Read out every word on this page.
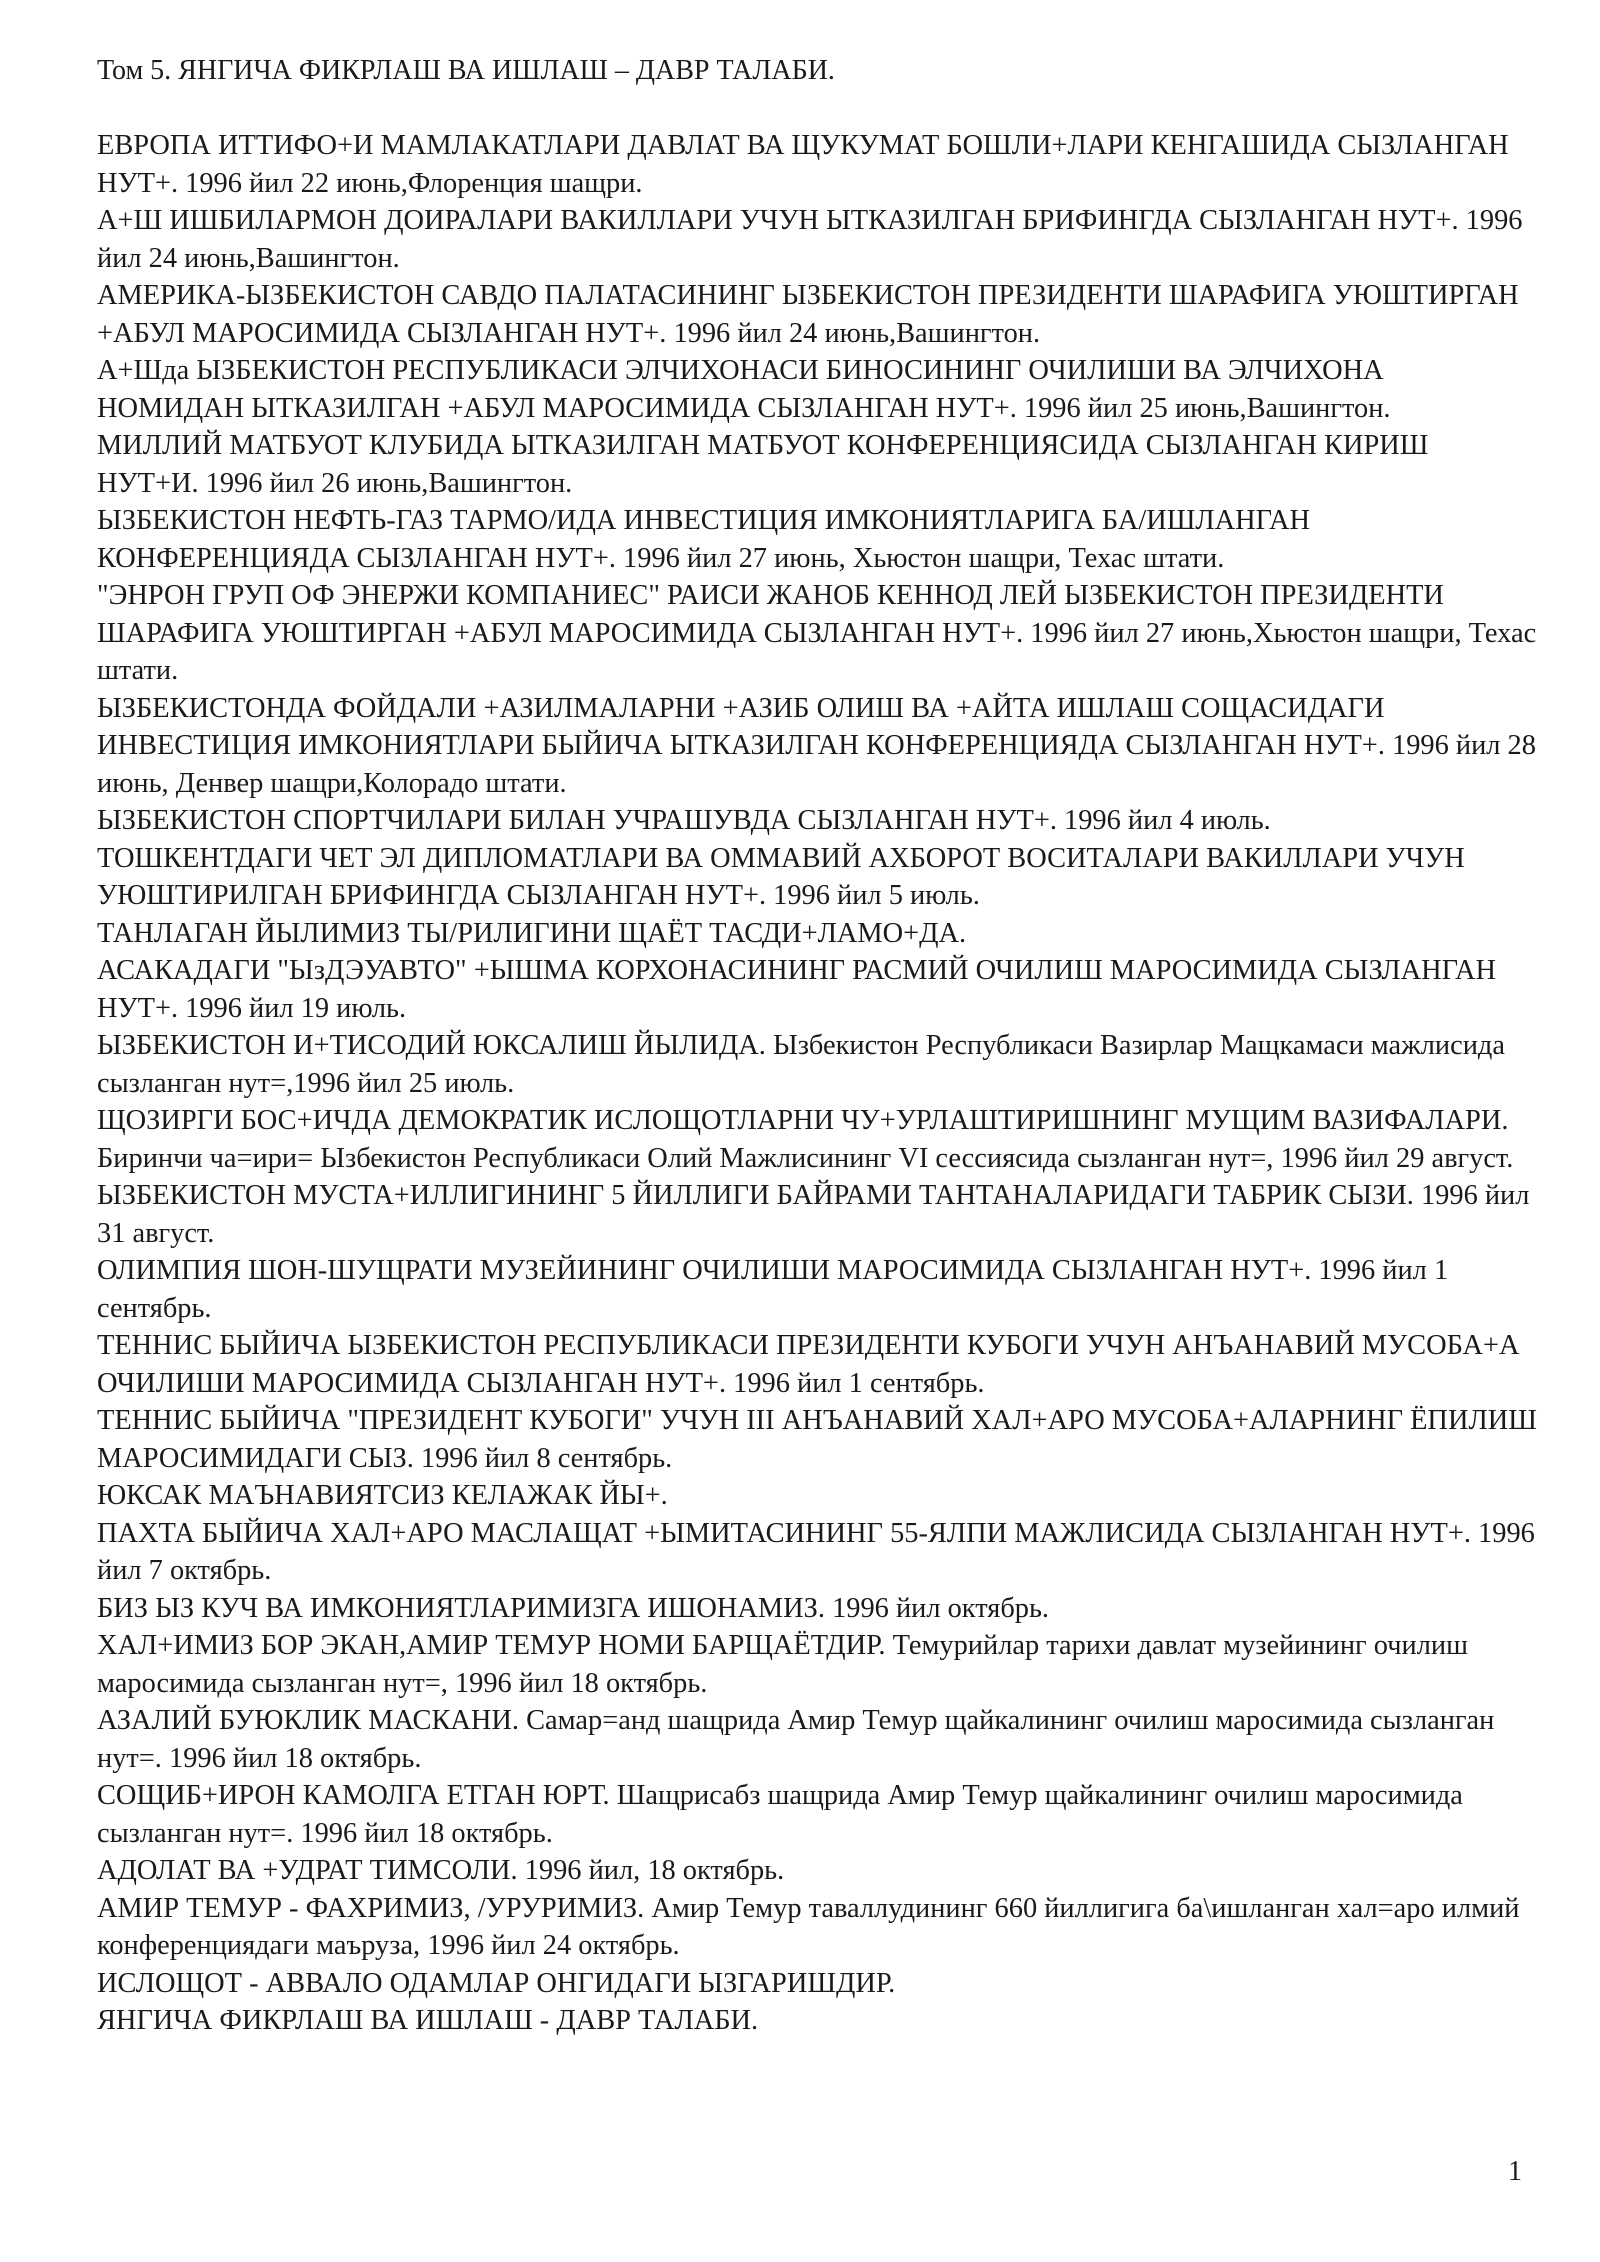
Том 5. ЯНГИЧА ФИКРЛАШ ВА ИШЛАШ – ДАВР ТАЛАБИ.

ЕВРОПА ИТТИФО+И МАМЛАКАТЛАРИ ДАВЛАТ ВА ЩУКУМАТ БОШЛИ+ЛАРИ КЕНГАШИДА СЫЗЛАНГАН НУТ+. 1996 йил 22 июнь,Флоренция шащри.

А+Ш ИШБИЛАРМОН ДОИРАЛАРИ ВАКИЛЛАРИ УЧУН ЫТКАЗИЛГАН БРИФИНГДА СЫЗЛАНГАН НУТ+. 1996 йил 24 июнь,Вашингтон.

АМЕРИКА-ЫЗБЕКИСТОН САВДО ПАЛАТАСИНИНГ ЫЗБЕКИСТОН ПРЕЗИДЕНТИ ШАРАФИГА УЮШТИРГАН +АБУЛ МАРОСИМИДА СЫЗЛАНГАН НУТ+. 1996 йил 24 июнь,Вашингтон.

А+Шда ЫЗБЕКИСТОН РЕСПУБЛИКАСИ ЭЛЧИХОНАСИ БИНОСИНИНГ ОЧИЛИШИ ВА ЭЛЧИХОНА НОМИДАН ЫТКАЗИЛГАН +АБУЛ МАРОСИМИДА СЫЗЛАНГАН НУТ+. 1996 йил 25 июнь,Вашингтон.

МИЛЛИЙ МАТБУОТ КЛУБИДА ЫТКАЗИЛГАН МАТБУОТ КОНФЕРЕНЦИЯСИДА СЫЗЛАНГАН КИРИШ НУТ+И. 1996 йил 26 июнь,Вашингтон.

ЫЗБЕКИСТОН НЕФТЬ-ГАЗ ТАРМО/ИДА ИНВЕСТИЦИЯ ИМКОНИЯТЛАРИГА БА/ИШЛАНГАН КОНФЕРЕНЦИЯДА СЫЗЛАНГАН НУТ+. 1996 йил 27 июнь, Хьюстон шащри, Техас штати.

"ЭНРОН ГРУП ОФ ЭНЕРЖИ КОМПАНИЕС" РАИСИ ЖАНОБ КЕННОД ЛЕЙ ЫЗБЕКИСТОН ПРЕЗИДЕНТИ ШАРАФИГА УЮШТИРГАН +АБУЛ МАРОСИМИДА СЫЗЛАНГАН НУТ+. 1996 йил 27 июнь,Хьюстон шащри, Техас штати.

ЫЗБЕКИСТОНДА ФОЙДАЛИ +АЗИЛМАЛАРНИ +АЗИБ ОЛИШ ВА +АЙТА ИШЛАШ СОЩАСИДАГИ ИНВЕСТИЦИЯ ИМКОНИЯТЛАРИ БЫЙИЧА ЫТКАЗИЛГАН КОНФЕРЕНЦИЯДА СЫЗЛАНГАН НУТ+. 1996 йил 28 июнь, Денвер шащри,Колорадо штати.

ЫЗБЕКИСТОН СПОРТЧИЛАРИ БИЛАН УЧРАШУВДА СЫЗЛАНГАН НУТ+. 1996 йил 4 июль.

ТОШКЕНТДАГИ ЧЕТ ЭЛ ДИПЛОМАТЛАРИ ВА ОММАВИЙ АХБОРОТ ВОСИТАЛАРИ ВАКИЛЛАРИ УЧУН УЮШТИРИЛГАН БРИФИНГДА СЫЗЛАНГАН НУТ+. 1996 йил 5 июль.

ТАНЛАГАН ЙЫЛИМИЗ ТЫ/РИЛИГИНИ ЩАЁТ ТАСДИ+ЛАМО+ДА.

АСАКАДАГИ "ЫзДЭУАВТО" +ЫШМА КОРХОНАСИНИНГ РАСМИЙ ОЧИЛИШ МАРОСИМИДА СЫЗЛАНГАН НУТ+. 1996 йил 19 июль.

ЫЗБЕКИСТОН И+ТИСОДИЙ ЮКСАЛИШ ЙЫЛИДА. Ызбекистон Республикаси Вазирлар Мащкамаси мажлисида сызланган нут=,1996 йил 25 июль.

ЩОЗИРГИ БОС+ИЧДА ДЕМОКРАТИК ИСЛОЩОТЛАРНИ ЧУ+УРЛАШТИРИШНИНГ МУЩИМ ВАЗИФАЛАРИ. Биринчи ча=ири= Ызбекистон Республикаси Олий Мажлисининг VI сессиясида сызланган нут=, 1996 йил 29 август.

ЫЗБЕКИСТОН МУСТА+ИЛЛИГИНИНГ 5 ЙИЛЛИГИ БАЙРАМИ ТАНТАНАЛАРИДАГИ ТАБРИК СЫЗИ. 1996 йил 31 август.

ОЛИМПИЯ ШОН-ШУЩРАТИ МУЗЕЙИНИНГ ОЧИЛИШИ МАРОСИМИДА СЫЗЛАНГАН НУТ+. 1996 йил 1 сентябрь.

ТЕННИС БЫЙИЧА ЫЗБЕКИСТОН РЕСПУБЛИКАСИ ПРЕЗИДЕНТИ КУБОГИ УЧУН АНЪАНАВИЙ МУСОБА+А ОЧИЛИШИ МАРОСИМИДА СЫЗЛАНГАН НУТ+. 1996 йил 1 сентябрь.

ТЕННИС БЫЙИЧА "ПРЕЗИДЕНТ КУБОГИ" УЧУН III АНЪАНАВИЙ ХАЛ+АРО МУСОБА+АЛАРНИНГ ЁПИЛИШ МАРОСИМИДАГИ СЫЗ. 1996 йил 8 сентябрь.

ЮКСАК МАЪНАВИЯТСИЗ КЕЛАЖАК ЙЫ+.

ПАХТА БЫЙИЧА ХАЛ+АРО МАСЛАЩАТ +ЫМИТАСИНИНГ 55-ЯЛПИ МАЖЛИСИДА СЫЗЛАНГАН НУТ+. 1996 йил 7 октябрь.

БИЗ ЫЗ КУЧ ВА ИМКОНИЯТЛАРИМИЗГА ИШОНАМИЗ. 1996 йил октябрь.

ХАЛ+ИМИЗ БОР ЭКАН,АМИР ТЕМУР НОМИ БАРЩАЁТДИР. Темурийлар тарихи давлат музейининг очилиш маросимида сызланган нут=, 1996 йил 18 октябрь.

АЗАЛИЙ БУЮКЛИК МАСКАНИ. Самар=анд шащрида Амир Темур щайкалининг очилиш маросимида сызланган нут=. 1996 йил 18 октябрь.

СОЩИБ+ИРОН КАМОЛГА ЕТГАН ЮРТ. Шащрисабз шащрида Амир Темур щайкалининг очилиш маросимида сызланган нут=. 1996 йил 18 октябрь.

АДОЛАТ ВА +УДРАТ ТИМСОЛИ. 1996 йил, 18 октябрь.

АМИР ТЕМУР - ФАХРИМИЗ, /УРУРИМИЗ. Амир Темур таваллудининг 660 йиллигига ба\ишланган хал=аро илмий конференциядаги маъруза, 1996 йил 24 октябрь.

ИСЛОЩОТ - АВВАЛО ОДАМЛАР ОНГИДАГИ ЫЗГАРИШДИР.

ЯНГИЧА ФИКРЛАШ ВА ИШЛАШ - ДАВР ТАЛАБИ.

1
